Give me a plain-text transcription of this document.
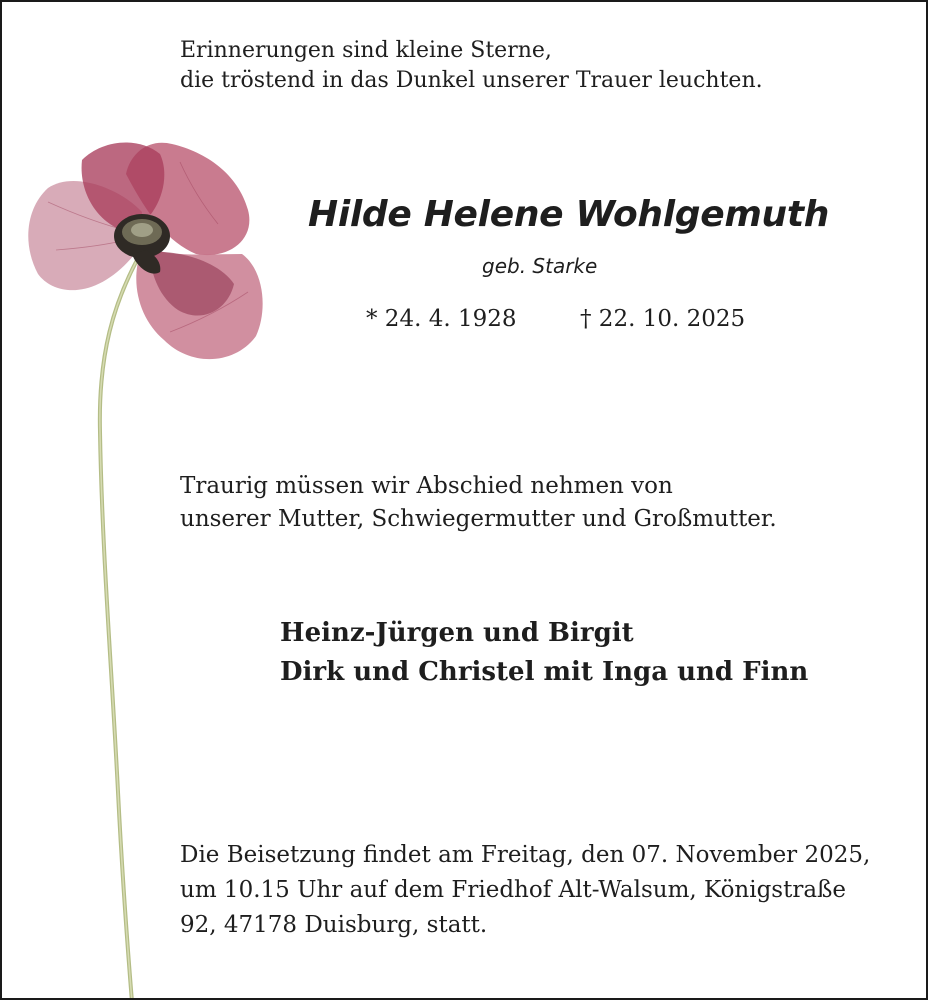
Erinnerungen sind kleine Sterne,
die tröstend in das Dunkel unserer Trauer leuchten.

Hilde Helene Wohlgemuth
geb. Starke
* 24. 4. 1928	† 22. 10. 2025

Traurig müssen wir Abschied nehmen von
unserer Mutter, Schwiegermutter und Großmutter.

Heinz-Jürgen und Birgit
Dirk und Christel mit Inga und Finn

Die Beisetzung findet am Freitag, den 07. November 2025,
um 10.15 Uhr auf dem Friedhof Alt-Walsum, Königstraße
92, 47178 Duisburg, statt.
